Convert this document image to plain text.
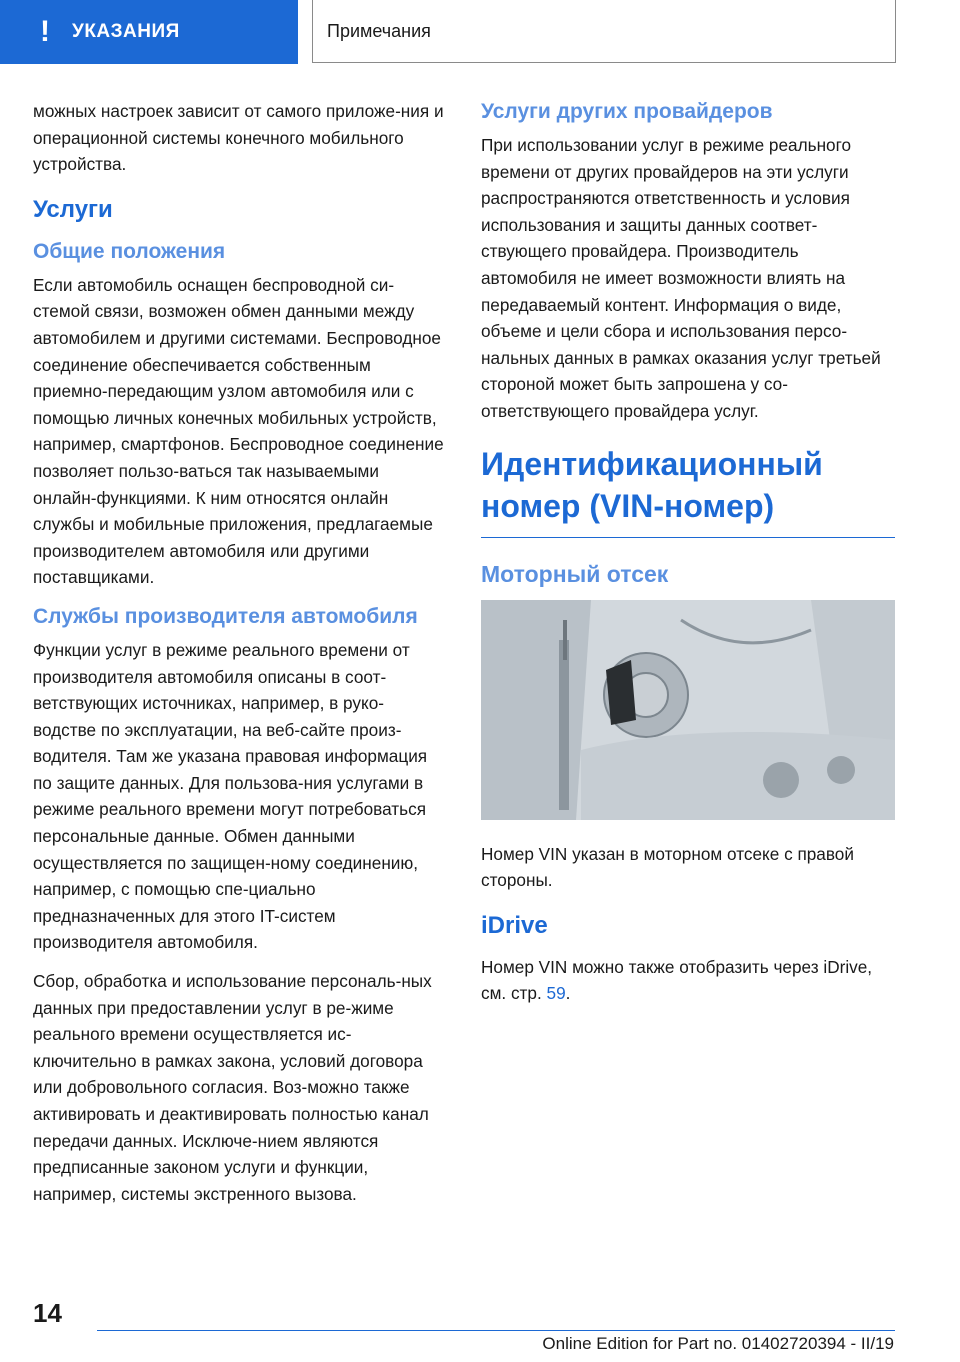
! УКАЗАНИЯ	Примечания

можных настроек зависит от самого приложе-ния и операционной системы конечного мобильного устройства.

Услуги
Общие положения

Если автомобиль оснащен беспроводной си-стемой связи, возможен обмен данными между автомобилем и другими системами. Беспроводное соединение обеспечивается собственным приемно-передающим узлом автомобиля или с помощью личных конечных мобильных устройств, например, смартфонов. Беспроводное соединение позволяет пользо-ваться так называемыми онлайн-функциями. К ним относятся онлайн службы и мобильные приложения, предлагаемые производителем автомобиля или другими поставщиками.

Службы производителя автомобиля

Функции услуг в режиме реального времени от производителя автомобиля описаны в соот-ветствующих источниках, например, в руко-водстве по эксплуатации, на веб-сайте произ-водителя. Там же указана правовая информация по защите данных. Для пользова-ния услугами в режиме реального времени могут потребоваться персональные данные. Обмен данными осуществляется по защищен-ному соединению, например, с помощью спе-циально предназначенных для этого IT-систем производителя автомобиля.

Сбор, обработка и использование персональ-ных данных при предоставлении услуг в ре-жиме реального времени осуществляется ис-ключительно в рамках закона, условий договора или добровольного согласия. Воз-можно также активировать и деактивировать полностью канал передачи данных. Исключе-нием являются предписанные законом услуги и функции, например, системы экстренного вызова.

Услуги других провайдеров

При использовании услуг в режиме реального времени от других провайдеров на эти услуги распространяются ответственность и условия использования и защиты данных соответ-ствующего провайдера. Производитель автомобиля не имеет возможности влиять на передаваемый контент. Информация о виде, объеме и цели сбора и использования персо-нальных данных в рамках оказания услуг третьей стороной может быть запрошена у со-ответствующего провайдера услуг.

Идентификационный номер (VIN-номер)
Моторный отсек

Номер VIN указан в моторном отсеке с правой стороны.

iDrive

Номер VIN можно также отобразить через iDrive, см. стр. 59.

14
Online Edition for Part no. 01402720394 - II/19
